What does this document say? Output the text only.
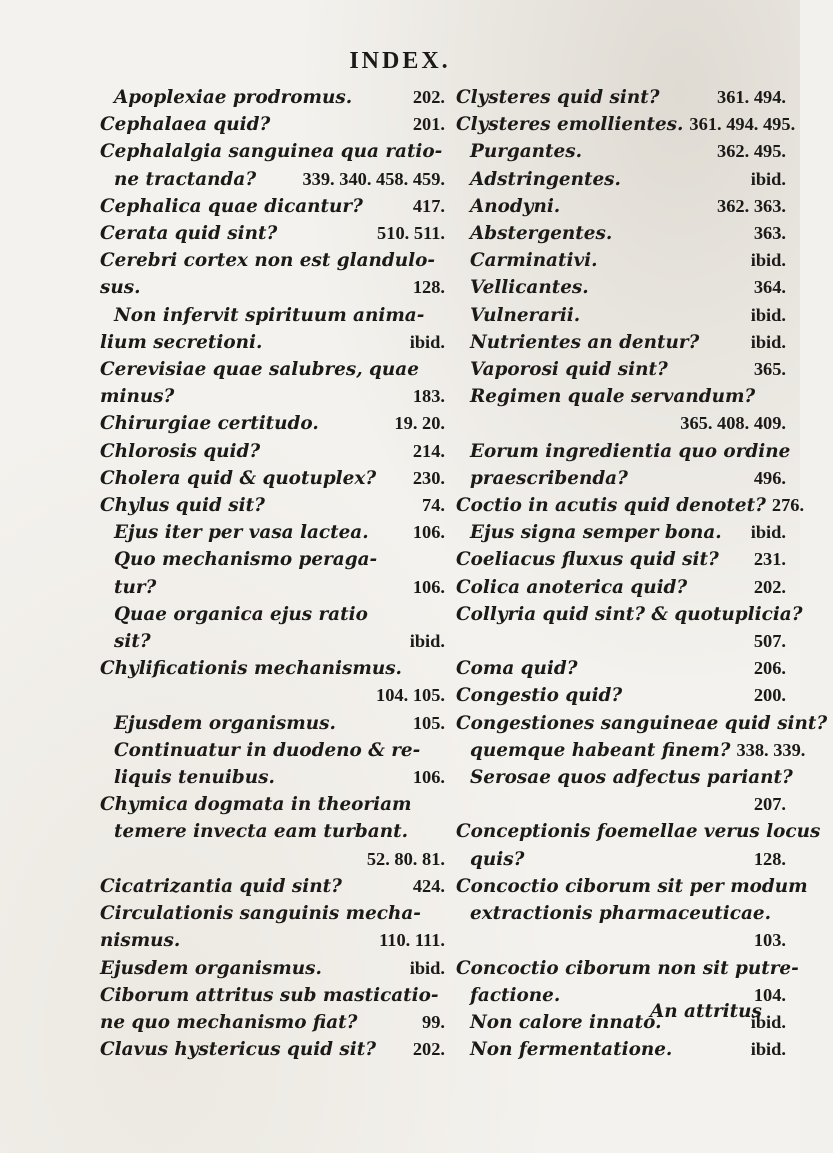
INDEX.
Apoplexiae prodromus.	202.
Cephalaea quid?	201.
Cephalalgia sanguinea qua ratio-
ne tractanda?	339. 340. 458. 459.
Cephalica quae dicantur?	417.
Cerata quid sint?	510. 511.
Cerebri cortex non est glandulo-
sus.	128.
Non infervit spirituum anima-
lium secretioni.	ibid.
Cerevisiae quae salubres, quae
minus?	183.
Chirurgiae certitudo.	19. 20.
Chlorosis quid?	214.
Cholera quid & quotuplex?	230.
Chylus quid sit?	74.
Ejus iter per vasa lactea.	106.
Quo mechanismo peraga-
tur?	106.
Quae organica ejus ratio
sit?	ibid.
Chylificationis mechanismus.
104. 105.
Ejusdem organismus.	105.
Continuatur in duodeno & re-
liquis tenuibus.	106.
Chymica dogmata in theoriam
temere invecta eam turbant.
52. 80. 81.
Cicatrizantia quid sint?	424.
Circulationis sanguinis mecha-
nismus.	110. 111.
Ejusdem organismus.	ibid.
Ciborum attritus sub masticatio-
ne quo mechanismo fiat?	99.
Clavus hystericus quid sit?	202.
Clysteres quid sint?	361. 494.
Clysteres emollientes. 361. 494. 495.
Purgantes.	362. 495.
Adstringentes.	ibid.
Anodyni.	362. 363.
Abstergentes.	363.
Carminativi.	ibid.
Vellicantes.	364.
Vulnerarii.	ibid.
Nutrientes an dentur?	ibid.
Vaporosi quid sint?	365.
Regimen quale servandum?
365. 408. 409.
Eorum ingredientia quo ordine
praescribenda?	496.
Coctio in acutis quid denotet? 276.
Ejus signa semper bona.	ibid.
Coeliacus fluxus quid sit?	231.
Colica anoterica quid?	202.
Collyria quid sint? & quotuplicia?
507.
Coma quid?	206.
Congestio quid?	200.
Congestiones sanguineae quid sint?
quemque habeant finem? 338. 339.
Serosae quos adfectus pariant?
207.
Conceptionis foemellae verus locus
quis?	128.
Concoctio ciborum sit per modum
extractionis pharmaceuticae.
103.
Concoctio ciborum non sit putre-
factione.	104.
Non calore innato.	ibid.
Non fermentatione.	ibid.
An attritus
